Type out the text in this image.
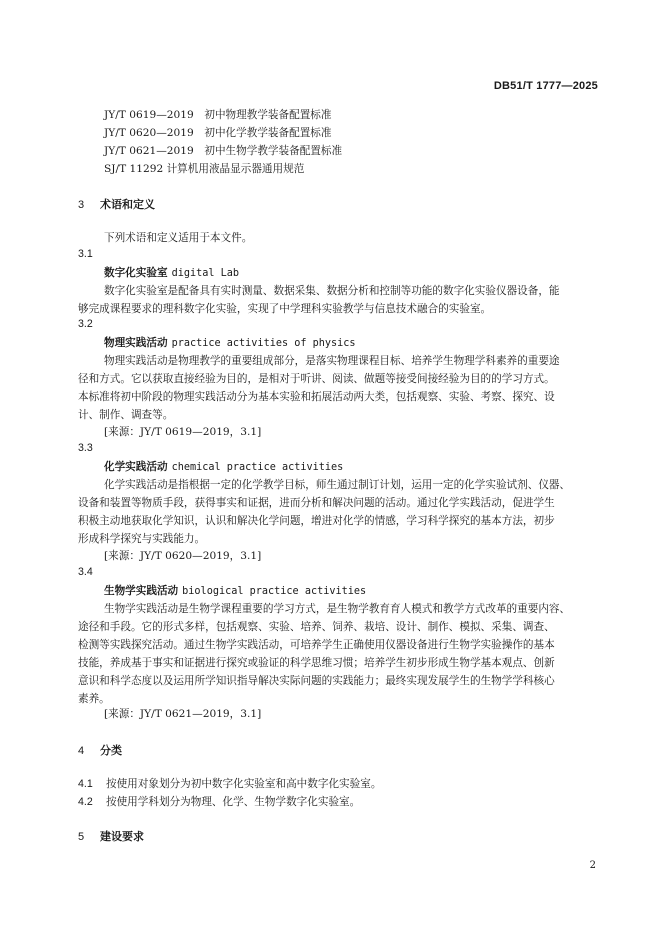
DB51/T 1777—2025
JY/T 0619—2019　初中物理教学装备配置标准
JY/T 0620—2019　初中化学教学装备配置标准
JY/T 0621—2019　初中生物学教学装备配置标准
SJ/T 11292 计算机用液晶显示器通用规范
3 术语和定义
下列术语和定义适用于本文件。
3.1
数字化实验室 digital Lab
数字化实验室是配备具有实时测量、数据采集、数据分析和控制等功能的数字化实验仪器设备，能
够完成课程要求的理科数字化实验，实现了中学理科实验教学与信息技术融合的实验室。
3.2
物理实践活动 practice activities of physics
物理实践活动是物理教学的重要组成部分，是落实物理课程目标、培养学生物理学科素养的重要途
径和方式。它以获取直接经验为目的，是相对于听讲、阅读、做题等接受间接经验为目的的学习方式。
本标准将初中阶段的物理实践活动分为基本实验和拓展活动两大类，包括观察、实验、考察、探究、设
计、制作、调查等。
[来源：JY/T 0619—2019，3.1]
3.3
化学实践活动 chemical practice activities
化学实践活动是指根据一定的化学教学目标，师生通过制订计划，运用一定的化学实验试剂、仪器、
设备和装置等物质手段，获得事实和证据，进而分析和解决问题的活动。通过化学实践活动，促进学生
积极主动地获取化学知识，认识和解决化学问题，增进对化学的情感，学习科学探究的基本方法，初步
形成科学探究与实践能力。
[来源：JY/T 0620—2019，3.1]
3.4
生物学实践活动 biological practice activities
生物学实践活动是生物学课程重要的学习方式，是生物学教育育人模式和教学方式改革的重要内容、
途径和手段。它的形式多样，包括观察、实验、培养、饲养、栽培、设计、制作、模拟、采集、调查、
检测等实践探究活动。通过生物学实践活动，可培养学生正确使用仪器设备进行生物学实验操作的基本
技能，养成基于事实和证据进行探究或验证的科学思维习惯；培养学生初步形成生物学基本观点、创新
意识和科学态度以及运用所学知识指导解决实际问题的实践能力；最终实现发展学生的生物学学科核心
素养。
[来源：JY/T 0621—2019，3.1]
4 分类
4.1 按使用对象划分为初中数字化实验室和高中数字化实验室。
4.2 按使用学科划分为物理、化学、生物学数字化实验室。
5 建设要求
2
